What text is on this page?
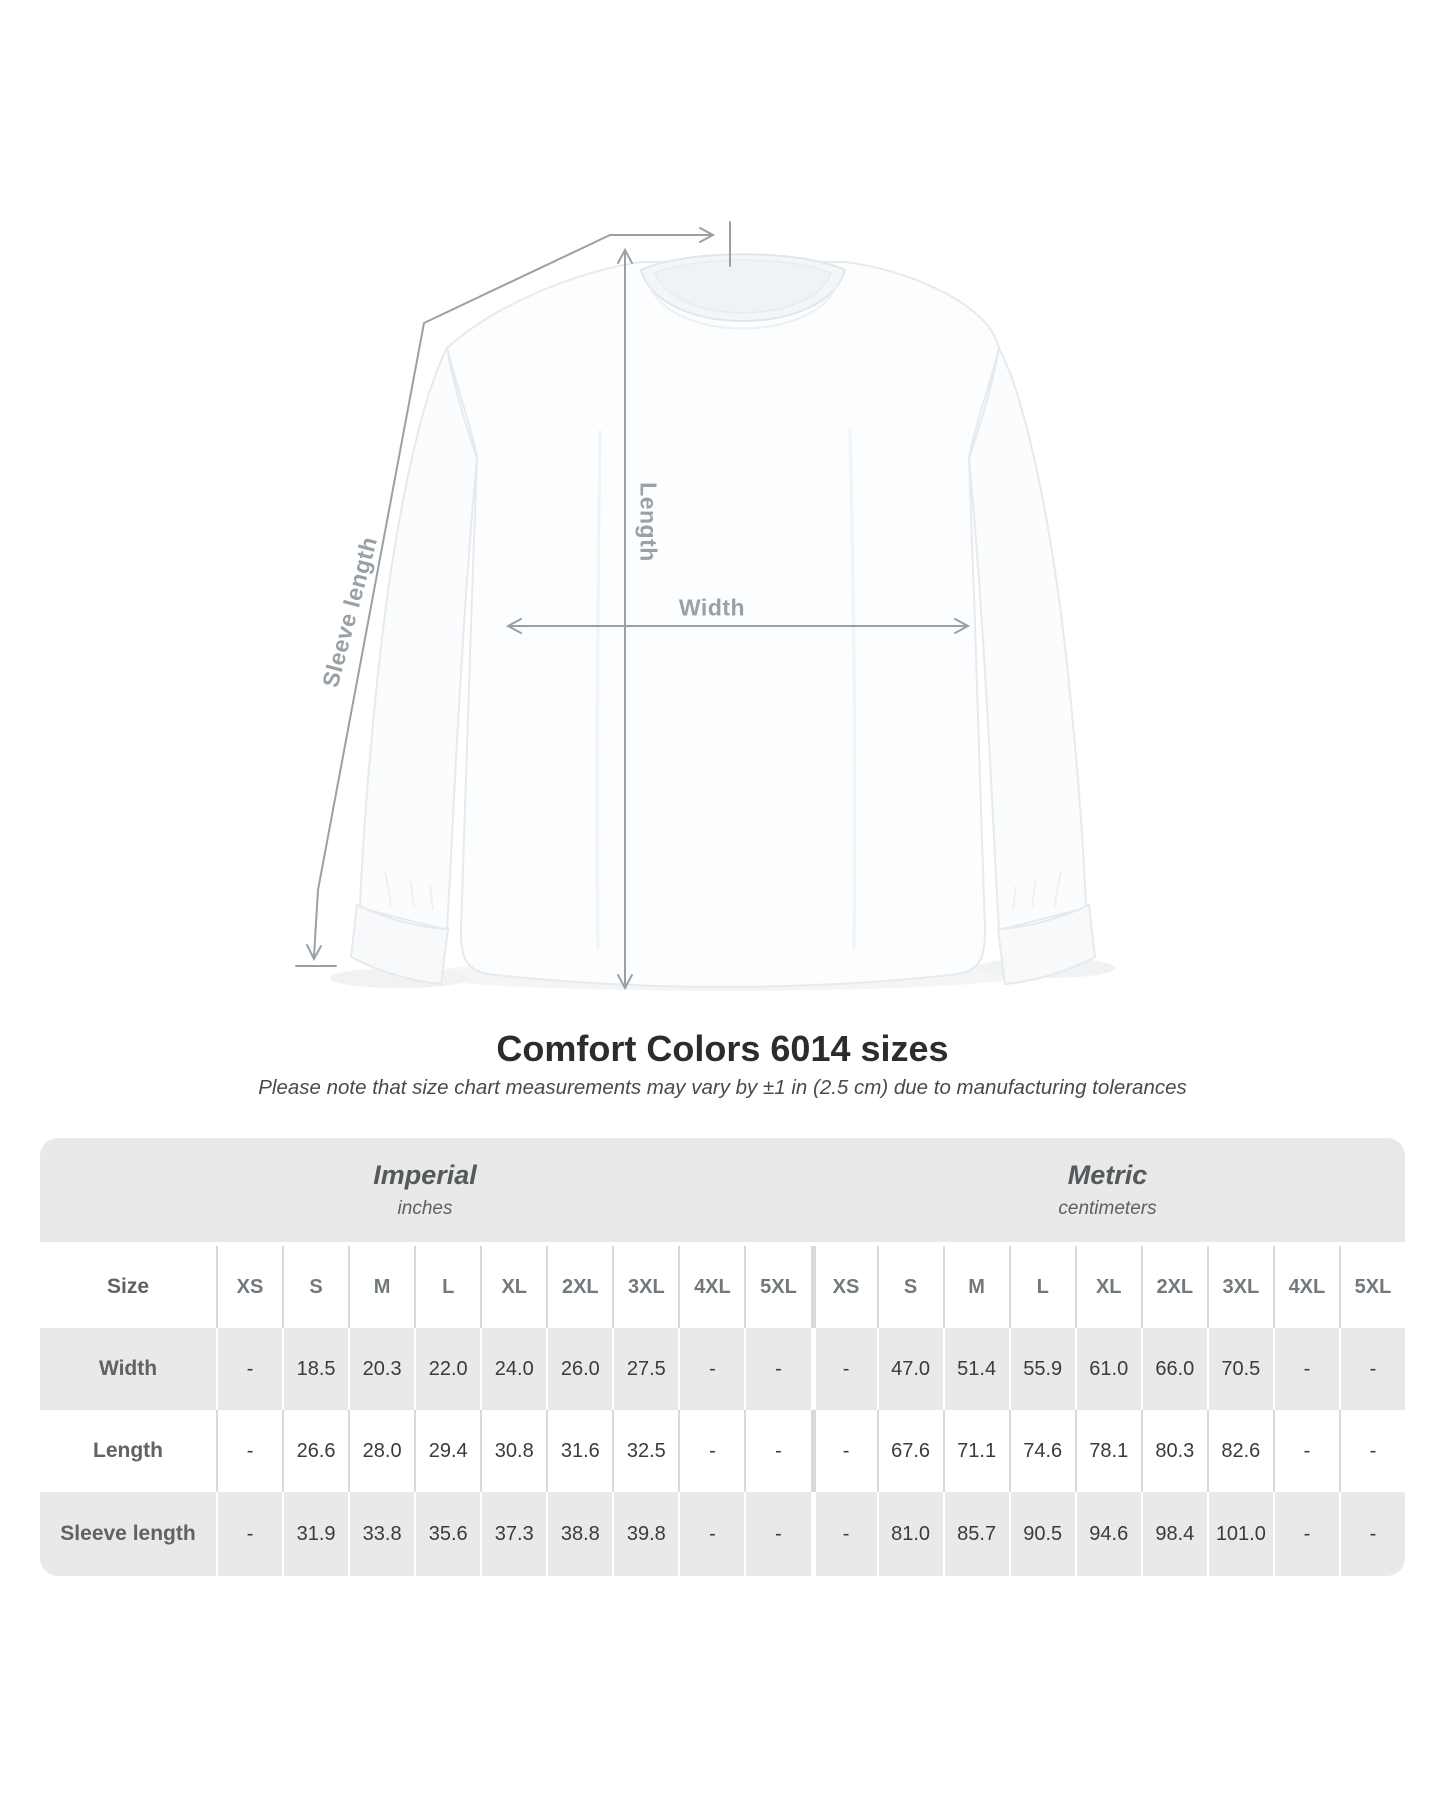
Sleeve length
Length
Width
Comfort Colors 6014 sizes

Please note that size chart measurements may vary by ±1 in (2.5 cm) due to manufacturing tolerances

Imperial
inches
Metric
centimeters
Size	XS	S	M	L	XL	2XL	3XL	4XL	5XL	XS	S	M	L	XL	2XL	3XL	4XL	5XL
Width	-	18.5	20.3	22.0	24.0	26.0	27.5	-	-	-	47.0	51.4	55.9	61.0	66.0	70.5	-	-
Length	-	26.6	28.0	29.4	30.8	31.6	32.5	-	-	-	67.6	71.1	74.6	78.1	80.3	82.6	-	-
Sleeve length	-	31.9	33.8	35.6	37.3	38.8	39.8	-	-	-	81.0	85.7	90.5	94.6	98.4	101.0	-	-
